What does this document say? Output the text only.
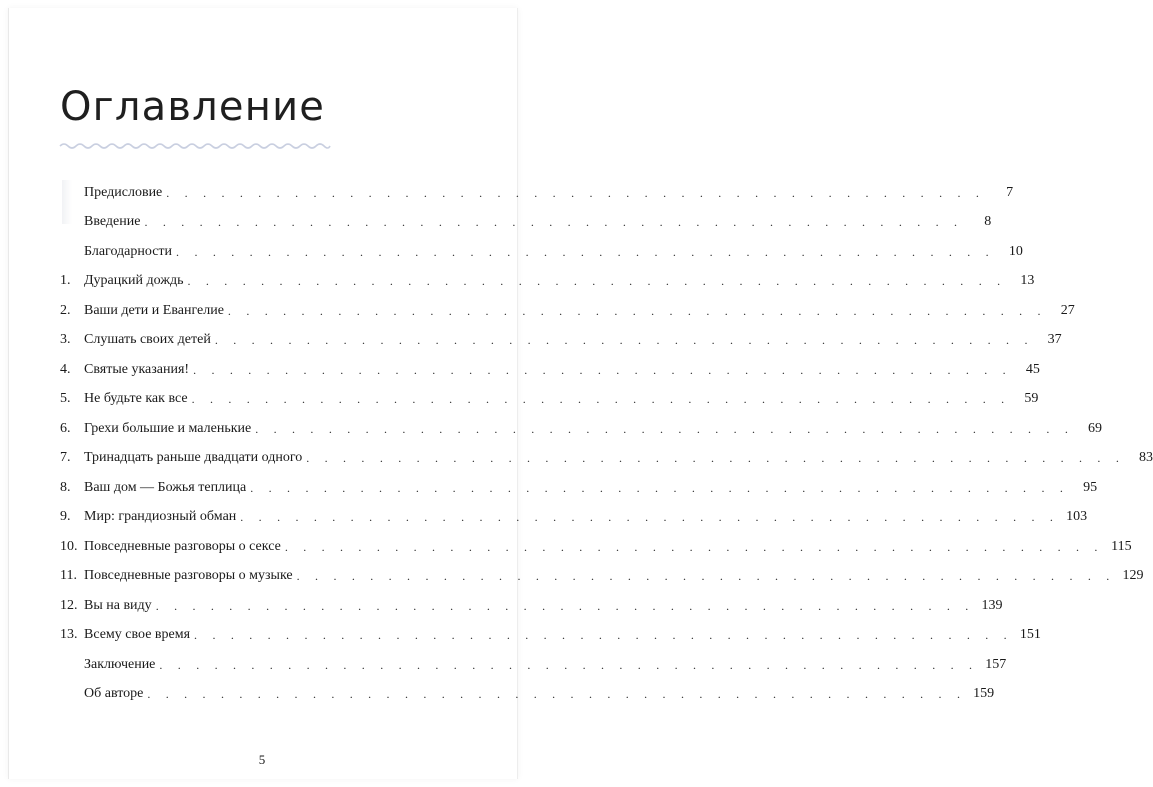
Оглавление
Предисловие . . . . . . . . . . . . . . . . . . . . . . . . . . . . . . . . . . . . . . . . . . . . .	7
Введение . . . . . . . . . . . . . . . . . . . . . . . . . . . . . . . . . . . . . . . . . . . . .	8
Благодарности . . . . . . . . . . . . . . . . . . . . . . . . . . . . . . . . . . . . . . . . . . . . .	10
1. Дурацкий дождь . . . . . . . . . . . . . . . . . . . . . . . . . . . . . . . . . . . . . . . . . . . . .	13
2. Ваши дети и Евангелие . . . . . . . . . . . . . . . . . . . . . . . . . . . . . . . . . . . . . . . . . . . . .	27
3. Слушать своих детей . . . . . . . . . . . . . . . . . . . . . . . . . . . . . . . . . . . . . . . . . . . . .	37
4. Святые указания! . . . . . . . . . . . . . . . . . . . . . . . . . . . . . . . . . . . . . . . . . . . . .	45
5. Не будьте как все . . . . . . . . . . . . . . . . . . . . . . . . . . . . . . . . . . . . . . . . . . . . .	59
6. Грехи большие и маленькие . . . . . . . . . . . . . . . . . . . . . . . . . . . . . . . . . . . . . . . . . . . . .	69
7. Тринадцать раньше двадцати одного . . . . . . . . . . . . . . . . . . . . . . . . . . . . . . . . . . . . . . . . . . . . .	83
8. Ваш дом — Божья теплица . . . . . . . . . . . . . . . . . . . . . . . . . . . . . . . . . . . . . . . . . . . . .	95
9. Мир: грандиозный обман . . . . . . . . . . . . . . . . . . . . . . . . . . . . . . . . . . . . . . . . . . . . . 103
10. Повседневные разговоры о сексе . . . . . . . . . . . . . . . . . . . . . . . . . . . . . . . . . . . . . . . . . . . . . 115
11. Повседневные разговоры о музыке . . . . . . . . . . . . . . . . . . . . . . . . . . . . . . . . . . . . . . . . . . . . . 129
12. Вы на виду . . . . . . . . . . . . . . . . . . . . . . . . . . . . . . . . . . . . . . . . . . . . . 139
13. Всему свое время . . . . . . . . . . . . . . . . . . . . . . . . . . . . . . . . . . . . . . . . . . . . . 151
Заключение . . . . . . . . . . . . . . . . . . . . . . . . . . . . . . . . . . . . . . . . . . . . . 157
Об авторе . . . . . . . . . . . . . . . . . . . . . . . . . . . . . . . . . . . . . . . . . . . . . 159
5
